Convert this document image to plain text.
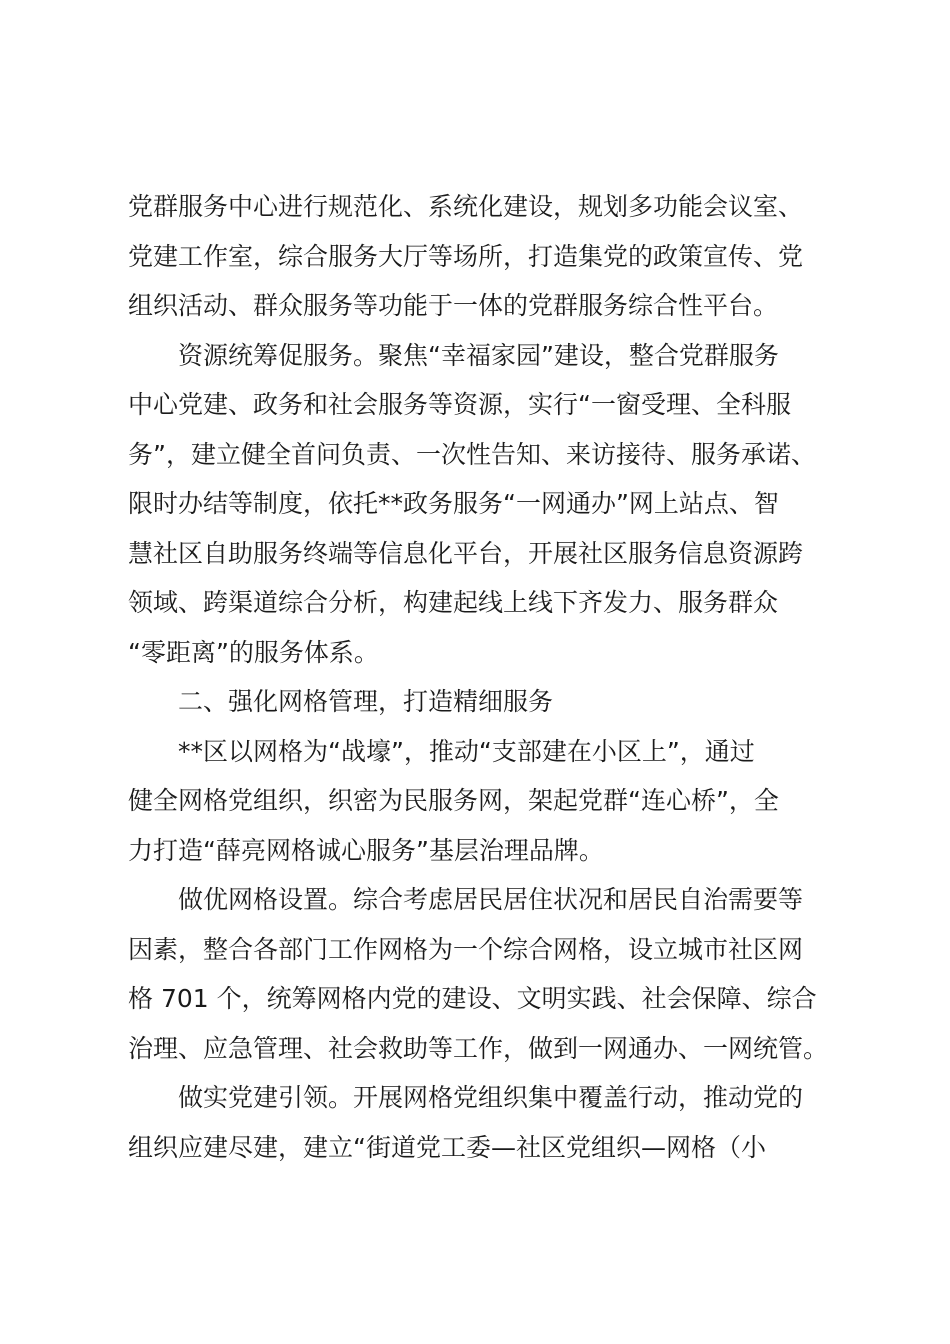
党群服务中心进行规范化、系统化建设，规划多功能会议室、
党建工作室，综合服务大厅等场所，打造集党的政策宣传、党
组织活动、群众服务等功能于一体的党群服务综合性平台。
　　资源统筹促服务。聚焦“幸福家园”建设，整合党群服务
中心党建、政务和社会服务等资源，实行“一窗受理、全科服
务”，建立健全首问负责、一次性告知、来访接待、服务承诺、
限时办结等制度，依托**政务服务“一网通办”网上站点、智
慧社区自助服务终端等信息化平台，开展社区服务信息资源跨
领域、跨渠道综合分析，构建起线上线下齐发力、服务群众
“零距离”的服务体系。
　　二、强化网格管理，打造精细服务
　　**区以网格为“战壕”，推动“支部建在小区上”，通过
健全网格党组织，织密为民服务网，架起党群“连心桥”，全
力打造“薛亮网格诚心服务”基层治理品牌。
　　做优网格设置。综合考虑居民居住状况和居民自治需要等
因素，整合各部门工作网格为一个综合网格，设立城市社区网
格 701 个，统筹网格内党的建设、文明实践、社会保障、综合
治理、应急管理、社会救助等工作，做到一网通办、一网统管。
　　做实党建引领。开展网格党组织集中覆盖行动，推动党的
组织应建尽建，建立“街道党工委—社区党组织—网格（小
